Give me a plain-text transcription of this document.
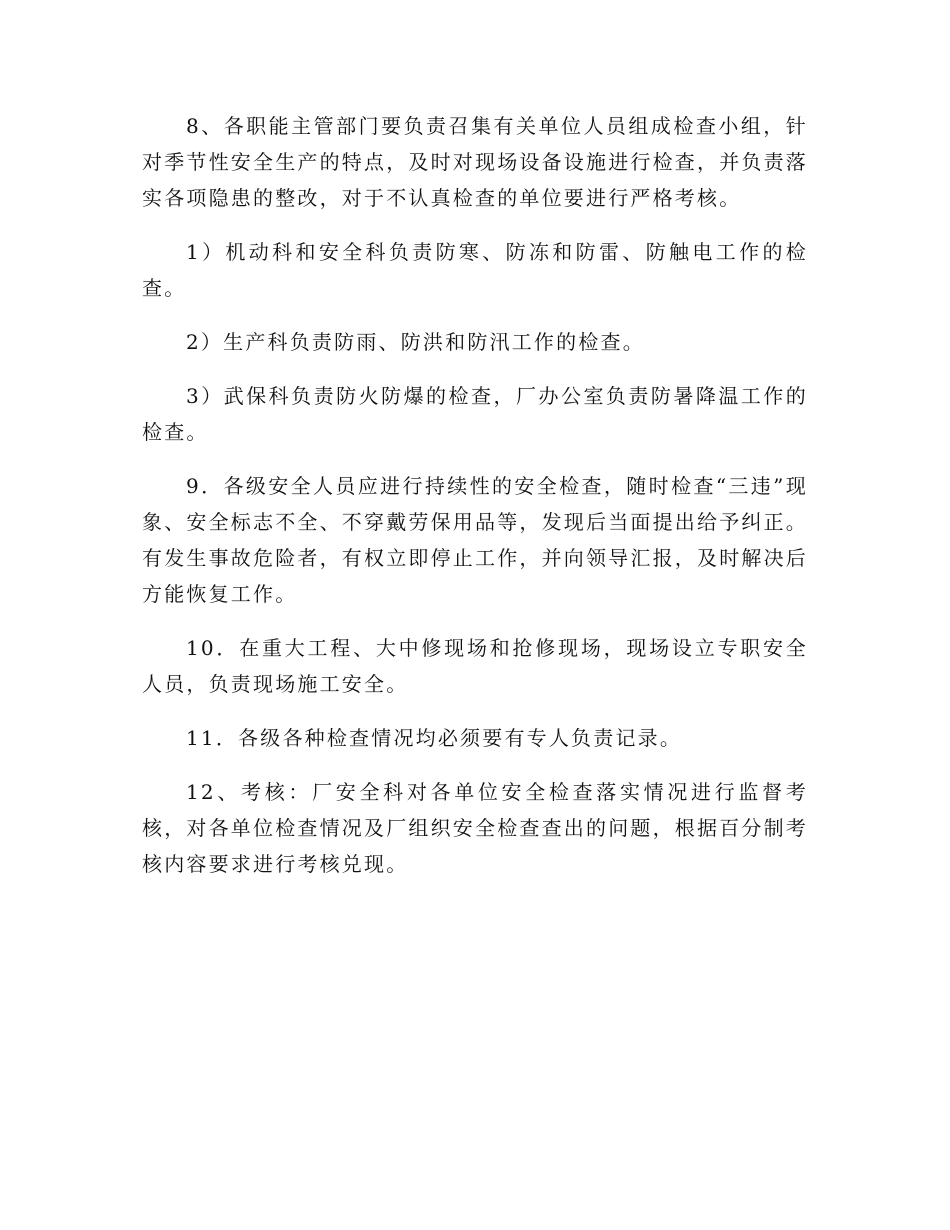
8、各职能主管部门要负责召集有关单位人员组成检查小组，针对季节性安全生产的特点，及时对现场设备设施进行检查，并负责落实各项隐患的整改，对于不认真检查的单位要进行严格考核。

1）机动科和安全科负责防寒、防冻和防雷、防触电工作的检查。

2）生产科负责防雨、防洪和防汛工作的检查。

3）武保科负责防火防爆的检查，厂办公室负责防暑降温工作的检查。

9．各级安全人员应进行持续性的安全检查，随时检查“三违”现象、安全标志不全、不穿戴劳保用品等，发现后当面提出给予纠正。有发生事故危险者，有权立即停止工作，并向领导汇报，及时解决后方能恢复工作。

10．在重大工程、大中修现场和抢修现场，现场设立专职安全人员，负责现场施工安全。

11．各级各种检查情况均必须要有专人负责记录。

12、考核：厂安全科对各单位安全检查落实情况进行监督考核，对各单位检查情况及厂组织安全检查查出的问题，根据百分制考核内容要求进行考核兑现。
